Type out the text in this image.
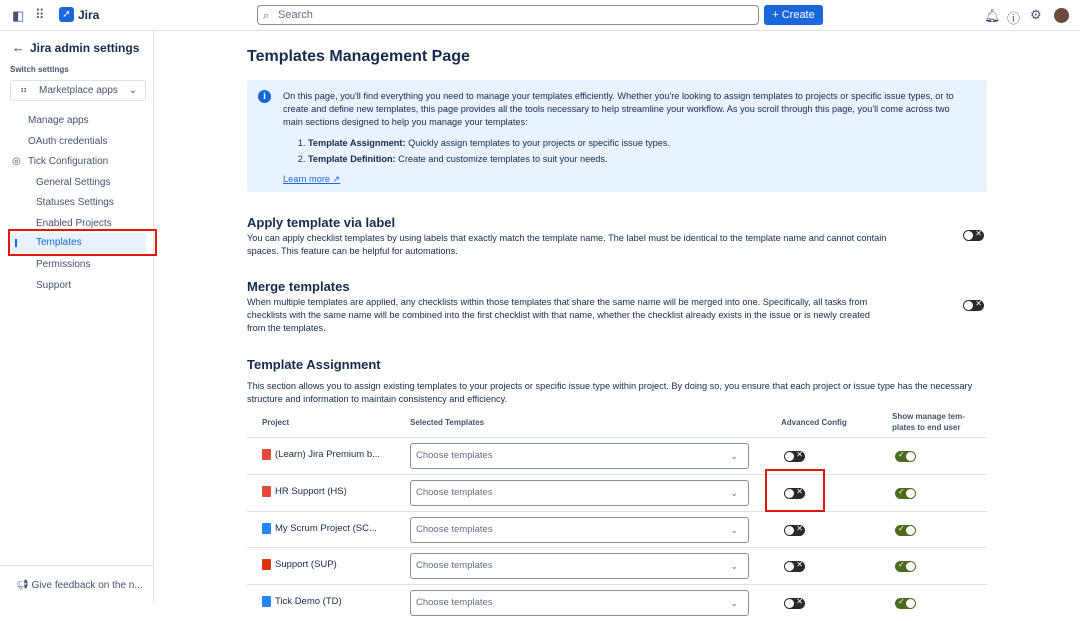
◧ ⠿	➚ Jira	⌕ Search	+ Create	🔔︎ ⓘ ⚙
← Jira admin settings
Switch settings
⠶ Marketplace apps ⌄
Manage apps
OAuth credentials
◎ Tick Configuration
General Settings
Statuses Settings
Enabled Projects
Templates
Permissions
Support
📢︎ Give feedback on the n...
Templates Management Page
i	On this page, you'll find everything you need to manage your templates efficiently. Whether you're looking to assign templates to projects or specific issue types, or to create and define new templates, this page provides all the tools necessary to help streamline your workflow. As you scroll through this page, you'll come across two main sections designed to help you manage your templates:
1. Template Assignment: Quickly assign templates to your projects or specific issue types.
2. Template Definition: Create and customize templates to suit your needs.
Learn more ↗
Apply template via label
You can apply checklist templates by using labels that exactly match the template name. The label must be identical to the template name and cannot contain spaces. This feature can be helpful for automations.
✕
Merge templates
When multiple templates are applied, any checklists within those templates that share the same name will be merged into one. Specifically, all tasks from checklists with the same name will be combined into the first checklist with that name, whether the checklist already exists in the issue or is newly created from the templates.
✕
Template Assignment
This section allows you to assign existing templates to your projects or specific issue type within project. By doing so, you ensure that each project or issue type has the necessary structure and information to maintain consistency and efficiency.
Project	Selected Templates	Advanced Config
Show manage tem-plates to end user
(Learn) Jira Premium b...	Choose templates	⌄
✕
✓
HR Support (HS)	Choose templates	⌄
✕
✓
My Scrum Project (SC...	Choose templates	⌄
✕
✓
Support (SUP)	Choose templates	⌄
✕
✓
Tick Demo (TD)	Choose templates	⌄
✕
✓
